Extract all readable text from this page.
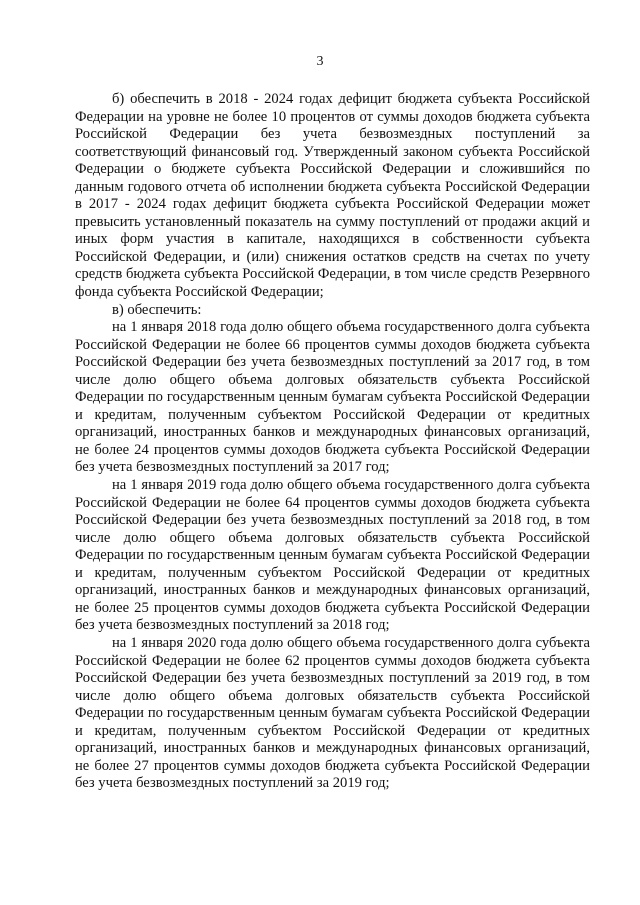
3

б) обеспечить в 2018 - 2024 годах дефицит бюджета субъекта Российской Федерации на уровне не более 10 процентов от суммы доходов бюджета субъекта Российской Федерации без учета безвозмездных поступлений за соответствующий финансовый год. Утвержденный законом субъекта Российской Федерации о бюджете субъекта Российской Федерации и сложившийся по данным годового отчета об исполнении бюджета субъекта Российской Федерации в 2017 - 2024 годах дефицит бюджета субъекта Российской Федерации может превысить установленный показатель на сумму поступлений от продажи акций и иных форм участия в капитале, находящихся в собственности субъекта Российской Федерации, и (или) снижения остатков средств на счетах по учету средств бюджета субъекта Российской Федерации, в том числе средств Резервного фонда субъекта Российской Федерации;

в) обеспечить:

на 1 января 2018 года долю общего объема государственного долга субъекта Российской Федерации не более 66 процентов суммы доходов бюджета субъекта Российской Федерации без учета безвозмездных поступлений за 2017 год, в том числе долю общего объема долговых обязательств субъекта Российской Федерации по государственным ценным бумагам субъекта Российской Федерации и кредитам, полученным субъектом Российской Федерации от кредитных организаций, иностранных банков и международных финансовых организаций, не более 24 процентов суммы доходов бюджета субъекта Российской Федерации без учета безвозмездных поступлений за 2017 год;

на 1 января 2019 года долю общего объема государственного долга субъекта Российской Федерации не более 64 процентов суммы доходов бюджета субъекта Российской Федерации без учета безвозмездных поступлений за 2018 год, в том числе долю общего объема долговых обязательств субъекта Российской Федерации по государственным ценным бумагам субъекта Российской Федерации и кредитам, полученным субъектом Российской Федерации от кредитных организаций, иностранных банков и международных финансовых организаций, не более 25 процентов суммы доходов бюджета субъекта Российской Федерации без учета безвозмездных поступлений за 2018 год;

на 1 января 2020 года долю общего объема государственного долга субъекта Российской Федерации не более 62 процентов суммы доходов бюджета субъекта Российской Федерации без учета безвозмездных поступлений за 2019 год, в том числе долю общего объема долговых обязательств субъекта Российской Федерации по государственным ценным бумагам субъекта Российской Федерации и кредитам, полученным субъектом Российской Федерации от кредитных организаций, иностранных банков и международных финансовых организаций, не более 27 процентов суммы доходов бюджета субъекта Российской Федерации без учета безвозмездных поступлений за 2019 год;
